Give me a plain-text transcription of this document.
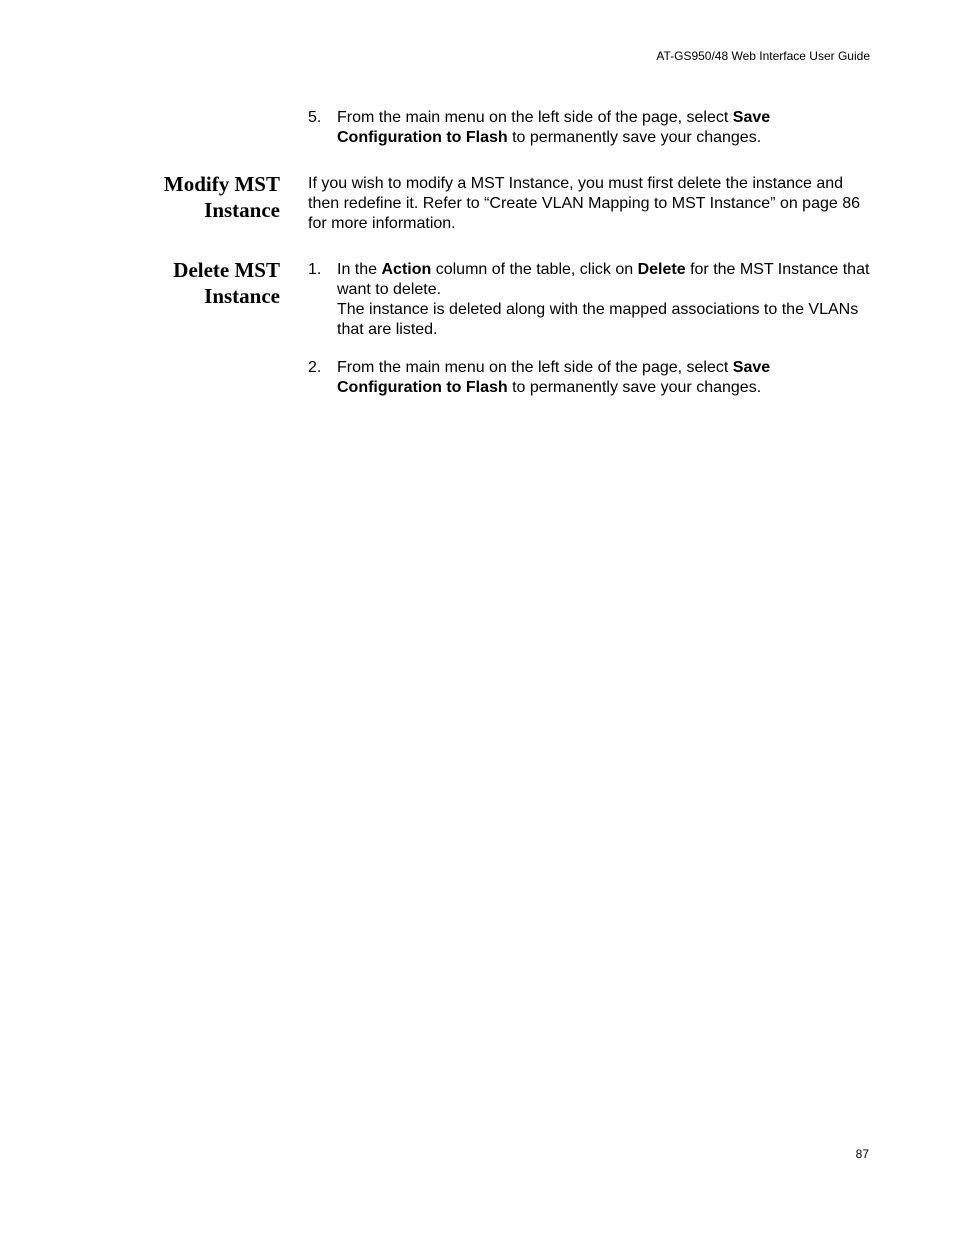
AT-GS950/48 Web Interface User Guide
5. From the main menu on the left side of the page, select Save Configuration to Flash to permanently save your changes.
Modify MST
Instance
If you wish to modify a MST Instance, you must first delete the instance and then redefine it. Refer to “Create VLAN Mapping to MST Instance” on page 86 for more information.
Delete MST
Instance
1. In the Action column of the table, click on Delete for the MST Instance that want to delete.
The instance is deleted along with the mapped associations to the VLANs that are listed.
2. From the main menu on the left side of the page, select Save Configuration to Flash to permanently save your changes.
87
